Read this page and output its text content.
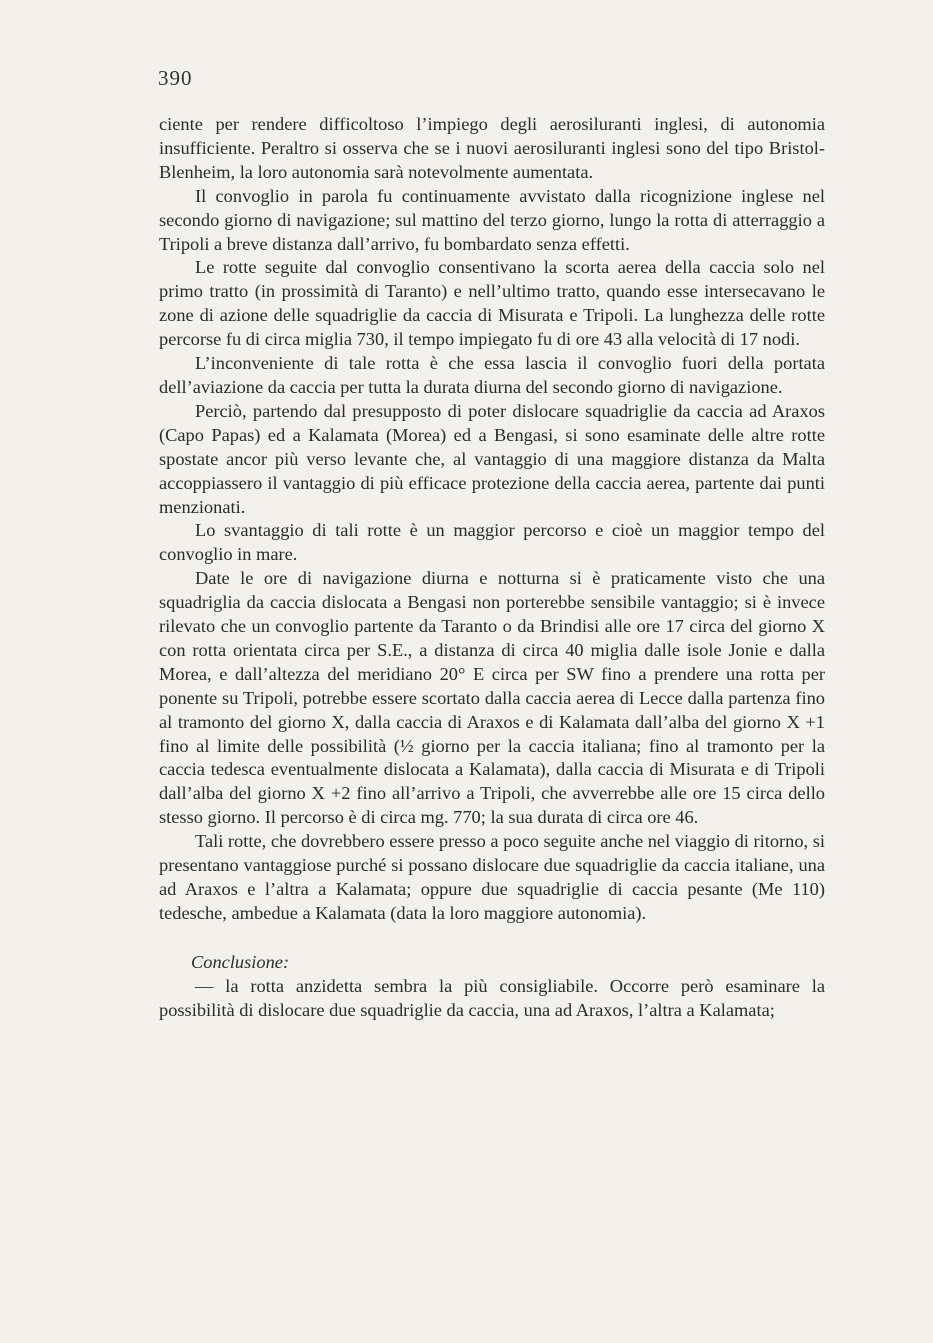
390

ciente per rendere difficoltoso l’impiego degli aerosiluranti inglesi, di autonomia insufficiente. Peraltro si osserva che se i nuovi aerosiluranti inglesi sono del tipo Bristol-Blenheim, la loro autonomia sarà notevolmente aumentata.

Il convoglio in parola fu continuamente avvistato dalla ricognizione inglese nel secondo giorno di navigazione; sul mattino del terzo giorno, lungo la rotta di atterraggio a Tripoli a breve distanza dall’arrivo, fu bombardato senza effetti.

Le rotte seguite dal convoglio consentivano la scorta aerea della caccia solo nel primo tratto (in prossimità di Taranto) e nell’ultimo tratto, quando esse intersecavano le zone di azione delle squadriglie da caccia di Misurata e Tripoli. La lunghezza delle rotte percorse fu di circa miglia 730, il tempo impiegato fu di ore 43 alla velocità di 17 nodi.

L’inconveniente di tale rotta è che essa lascia il convoglio fuori della portata dell’aviazione da caccia per tutta la durata diurna del secondo giorno di navigazione.

Perciò, partendo dal presupposto di poter dislocare squadriglie da caccia ad Araxos (Capo Papas) ed a Kalamata (Morea) ed a Bengasi, si sono esaminate delle altre rotte spostate ancor più verso levante che, al vantaggio di una maggiore distanza da Malta accoppiassero il vantaggio di più efficace protezione della caccia aerea, partente dai punti menzionati.

Lo svantaggio di tali rotte è un maggior percorso e cioè un maggior tempo del convoglio in mare.

Date le ore di navigazione diurna e notturna si è praticamente visto che una squadriglia da caccia dislocata a Bengasi non porterebbe sensibile vantaggio; si è invece rilevato che un convoglio partente da Taranto o da Brindisi alle ore 17 circa del giorno X con rotta orientata circa per S.E., a distanza di circa 40 miglia dalle isole Jonie e dalla Morea, e dall’altezza del meridiano 20° E circa per SW fino a prendere una rotta per ponente su Tripoli, potrebbe essere scortato dalla caccia aerea di Lecce dalla partenza fino al tramonto del giorno X, dalla caccia di Araxos e di Kalamata dall’alba del giorno X +1 fino al limite delle possibilità (½ giorno per la caccia italiana; fino al tramonto per la caccia tedesca eventualmente dislocata a Kalamata), dalla caccia di Misurata e di Tripoli dall’alba del giorno X +2 fino all’arrivo a Tripoli, che avverrebbe alle ore 15 circa dello stesso giorno. Il percorso è di circa mg. 770; la sua durata di circa ore 46.

Tali rotte, che dovrebbero essere presso a poco seguite anche nel viaggio di ritorno, si presentano vantaggiose purché si possano dislocare due squadriglie da caccia italiane, una ad Araxos e l’altra a Kalamata; oppure due squadriglie di caccia pesante (Me 110) tedesche, ambedue a Kalamata (data la loro maggiore autonomia).

Conclusione:

— la rotta anzidetta sembra la più consigliabile. Occorre però esaminare la possibilità di dislocare due squadriglie da caccia, una ad Araxos, l’altra a Kalamata;
